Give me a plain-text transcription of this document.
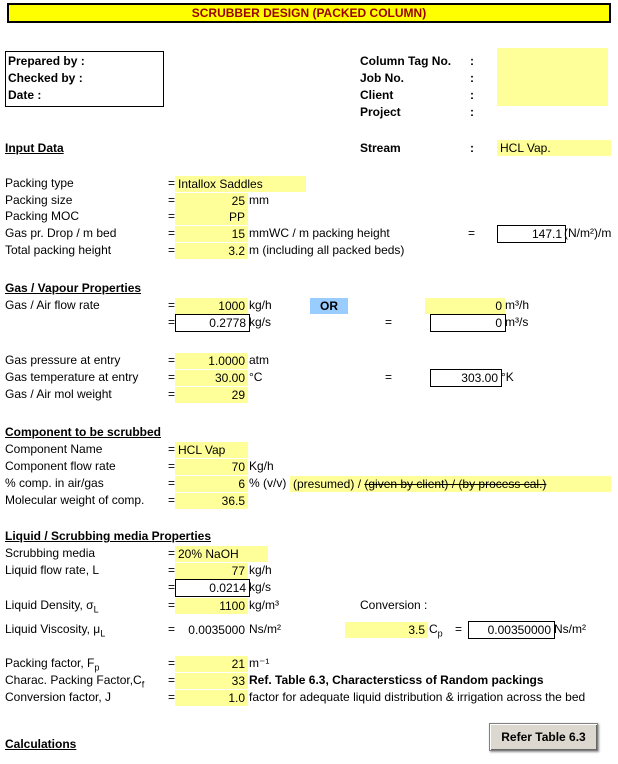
SCRUBBER DESIGN (PACKED COLUMN)
Prepared by :
Checked by :
Date :
Column Tag No. :
Job No.	:
Client	:
Project	:
Input Data	Stream	: HCL Vap.
Packing type	= Intallox Saddles
Packing size	=	25 mm
Packing MOC	=	PP
Gas pr. Drop / m bed	=	15 mmWC / m packing height	=	147.1 (N/m²)/m
Total packing height	=	3.2 m (including all packed beds)
Gas / Vapour Properties
Gas / Air flow rate	=	1000 kg/h	OR	0 m³/h
=	0.2778 kg/s	=	0 m³/s
Gas pressure at entry	=	1.0000 atm
Gas temperature at entry =	30.00 °C	=	303.00 °K
Gas / Air mol weight	=	29
Component to be scrubbed
Component Name	= HCL Vap
Component flow rate	=	70 Kg/h
% comp. in air/gas	=	6 % (v/v) (presumed) / (given by client) / (by process cal.)
Molecular weight of comp. =	36.5
Liquid / Scrubbing media Properties
Scrubbing media	= 20% NaOH
Liquid flow rate, L	=	77 kg/h
=	0.0214 kg/s
Liquid Density, $\sigma_L$	=	1100 kg/m³	Conversion :
Liquid Viscosity, $\mu_L$	=	0.0035000 Ns/m²	3.5 $C_p$ =	0.00350000 Ns/m²
Packing factor, $F_p$	=	21 m⁻¹
Charac. Packing $Factor,C_f$ =	33 Ref. Table 6.3, Charactersticss of Random packings
Conversion factor, J	=	1.0 factor for adequate liquid distribution & irrigation across the bed
Calculations	Refer Table 6.3
